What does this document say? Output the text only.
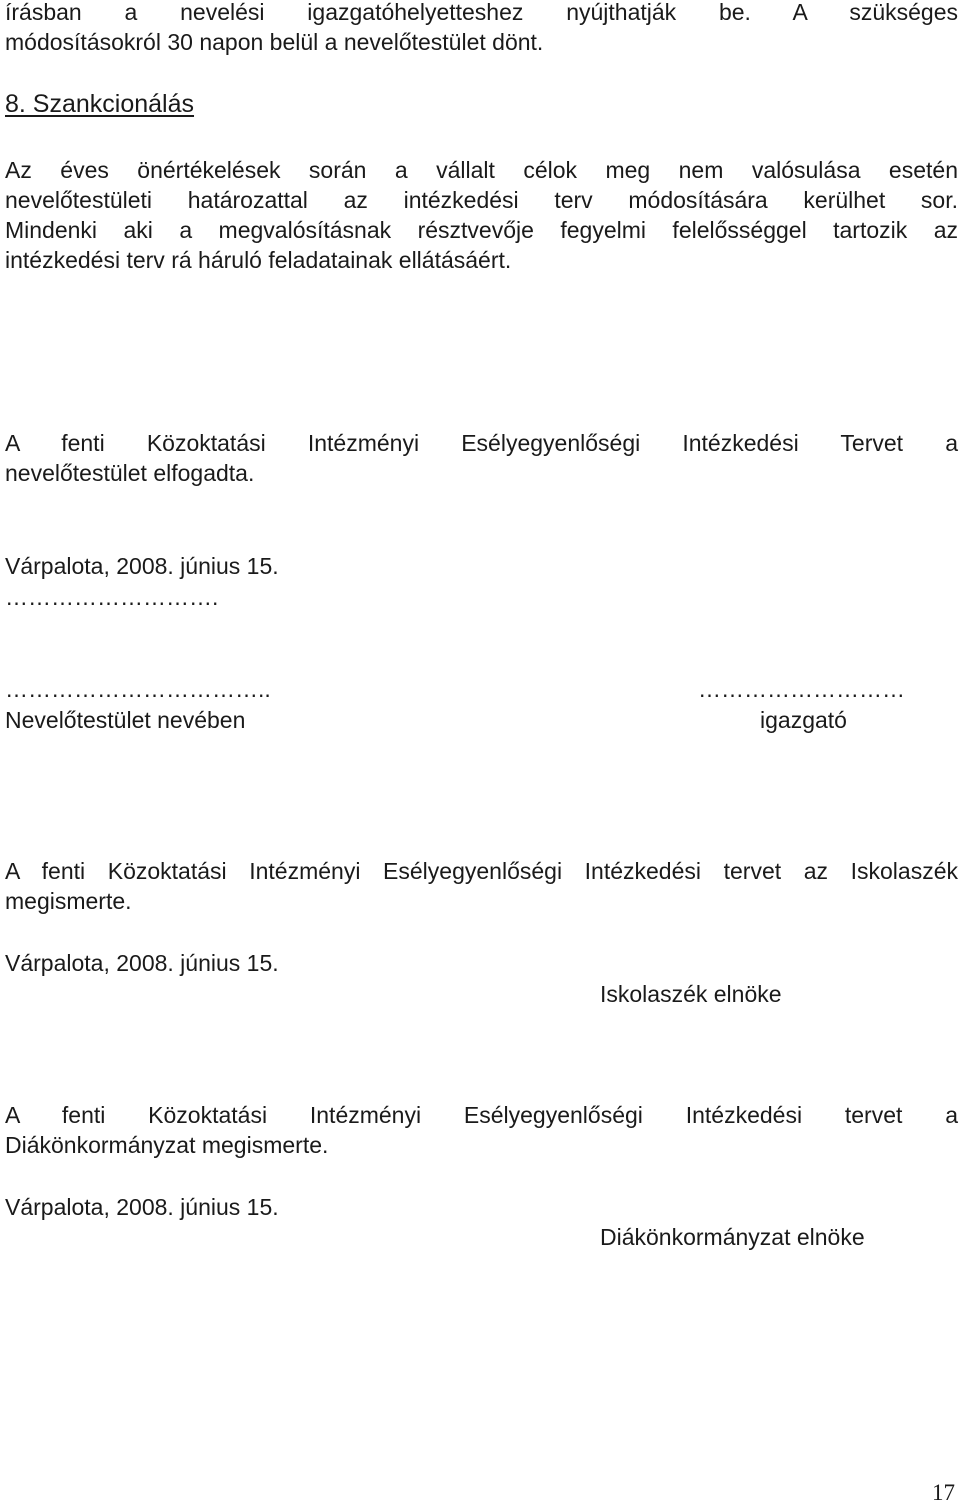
írásban a nevelési igazgatóhelyetteshez nyújthatják be. A szükséges
módosításokról 30 napon belül a nevelőtestület dönt.
8. Szankcionálás
Az éves önértékelések során a vállalt célok meg nem valósulása esetén
nevelőtestületi határozattal az intézkedési terv módosítására kerülhet sor.
Mindenki aki a megvalósításnak résztvevője fegyelmi felelősséggel tartozik az
intézkedési terv rá háruló feladatainak ellátásáért.
A fenti Közoktatási Intézményi Esélyegyenlőségi Intézkedési Tervet a
nevelőtestület elfogadta.
Várpalota, 2008. június 15.
……………………….
……………………………..	………………………
Nevelőtestület nevében	igazgató
A fenti Közoktatási Intézményi Esélyegyenlőségi Intézkedési tervet az Iskolaszék
megismerte.
Várpalota, 2008. június 15.
Iskolaszék elnöke
A fenti Közoktatási Intézményi Esélyegyenlőségi Intézkedési tervet a
Diákönkormányzat megismerte.
Várpalota, 2008. június 15.
Diákönkormányzat elnöke
17
